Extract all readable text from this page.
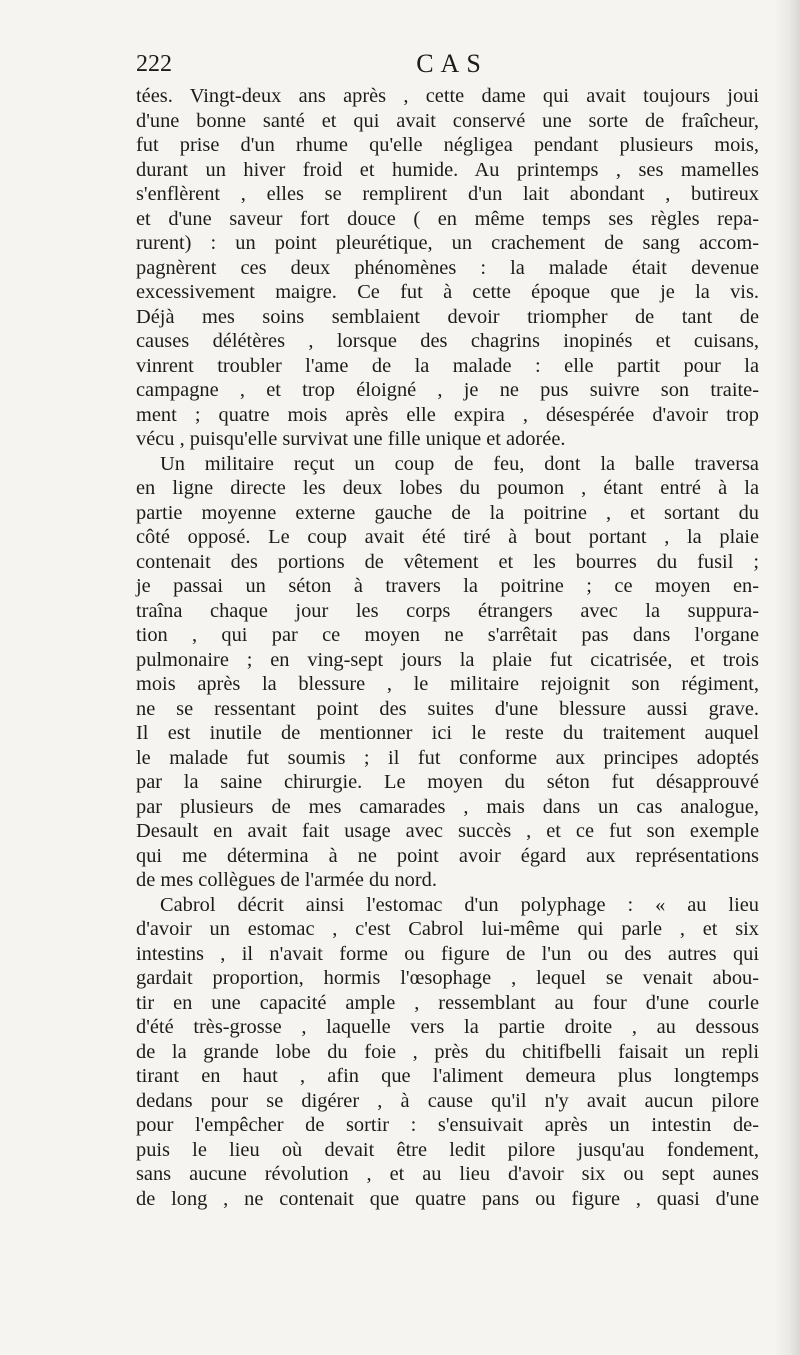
222	CAS
tées. Vingt-deux ans après , cette dame qui avait toujours joui
d'une bonne santé et qui avait conservé une sorte de fraîcheur,
fut prise d'un rhume qu'elle négligea pendant plusieurs mois,
durant un hiver froid et humide. Au printemps , ses mamelles
s'enflèrent , elles se remplirent d'un lait abondant , butireux
et d'une saveur fort douce ( en même temps ses règles repa-
rurent) : un point pleurétique, un crachement de sang accom-
pagnèrent ces deux phénomènes : la malade était devenue
excessivement maigre. Ce fut à cette époque que je la vis.
Déjà mes soins semblaient devoir triompher de tant de
causes délétères , lorsque des chagrins inopinés et cuisans,
vinrent troubler l'ame de la malade : elle partit pour la
campagne , et trop éloigné , je ne pus suivre son traite-
ment ; quatre mois après elle expira , désespérée d'avoir trop
vécu , puisqu'elle survivat une fille unique et adorée.
Un militaire reçut un coup de feu, dont la balle traversa
en ligne directe les deux lobes du poumon , étant entré à la
partie moyenne externe gauche de la poitrine , et sortant du
côté opposé. Le coup avait été tiré à bout portant , la plaie
contenait des portions de vêtement et les bourres du fusil ;
je passai un séton à travers la poitrine ; ce moyen en-
traîna chaque jour les corps étrangers avec la suppura-
tion , qui par ce moyen ne s'arrêtait pas dans l'organe
pulmonaire ; en ving-sept jours la plaie fut cicatrisée, et trois
mois après la blessure , le militaire rejoignit son régiment,
ne se ressentant point des suites d'une blessure aussi grave.
Il est inutile de mentionner ici le reste du traitement auquel
le malade fut soumis ; il fut conforme aux principes adoptés
par la saine chirurgie. Le moyen du séton fut désapprouvé
par plusieurs de mes camarades , mais dans un cas analogue,
Desault en avait fait usage avec succès , et ce fut son exemple
qui me détermina à ne point avoir égard aux représentations
de mes collègues de l'armée du nord.
Cabrol décrit ainsi l'estomac d'un polyphage : « au lieu
d'avoir un estomac , c'est Cabrol lui-même qui parle , et six
intestins , il n'avait forme ou figure de l'un ou des autres qui
gardait proportion, hormis l'œsophage , lequel se venait abou-
tir en une capacité ample , ressemblant au four d'une courle
d'été très-grosse , laquelle vers la partie droite , au dessous
de la grande lobe du foie , près du chitifbelli faisait un repli
tirant en haut , afin que l'aliment demeura plus longtemps
dedans pour se digérer , à cause qu'il n'y avait aucun pilore
pour l'empêcher de sortir : s'ensuivait après un intestin de-
puis le lieu où devait être ledit pilore jusqu'au fondement,
sans aucune révolution , et au lieu d'avoir six ou sept aunes
de long , ne contenait que quatre pans ou figure , quasi d'une
